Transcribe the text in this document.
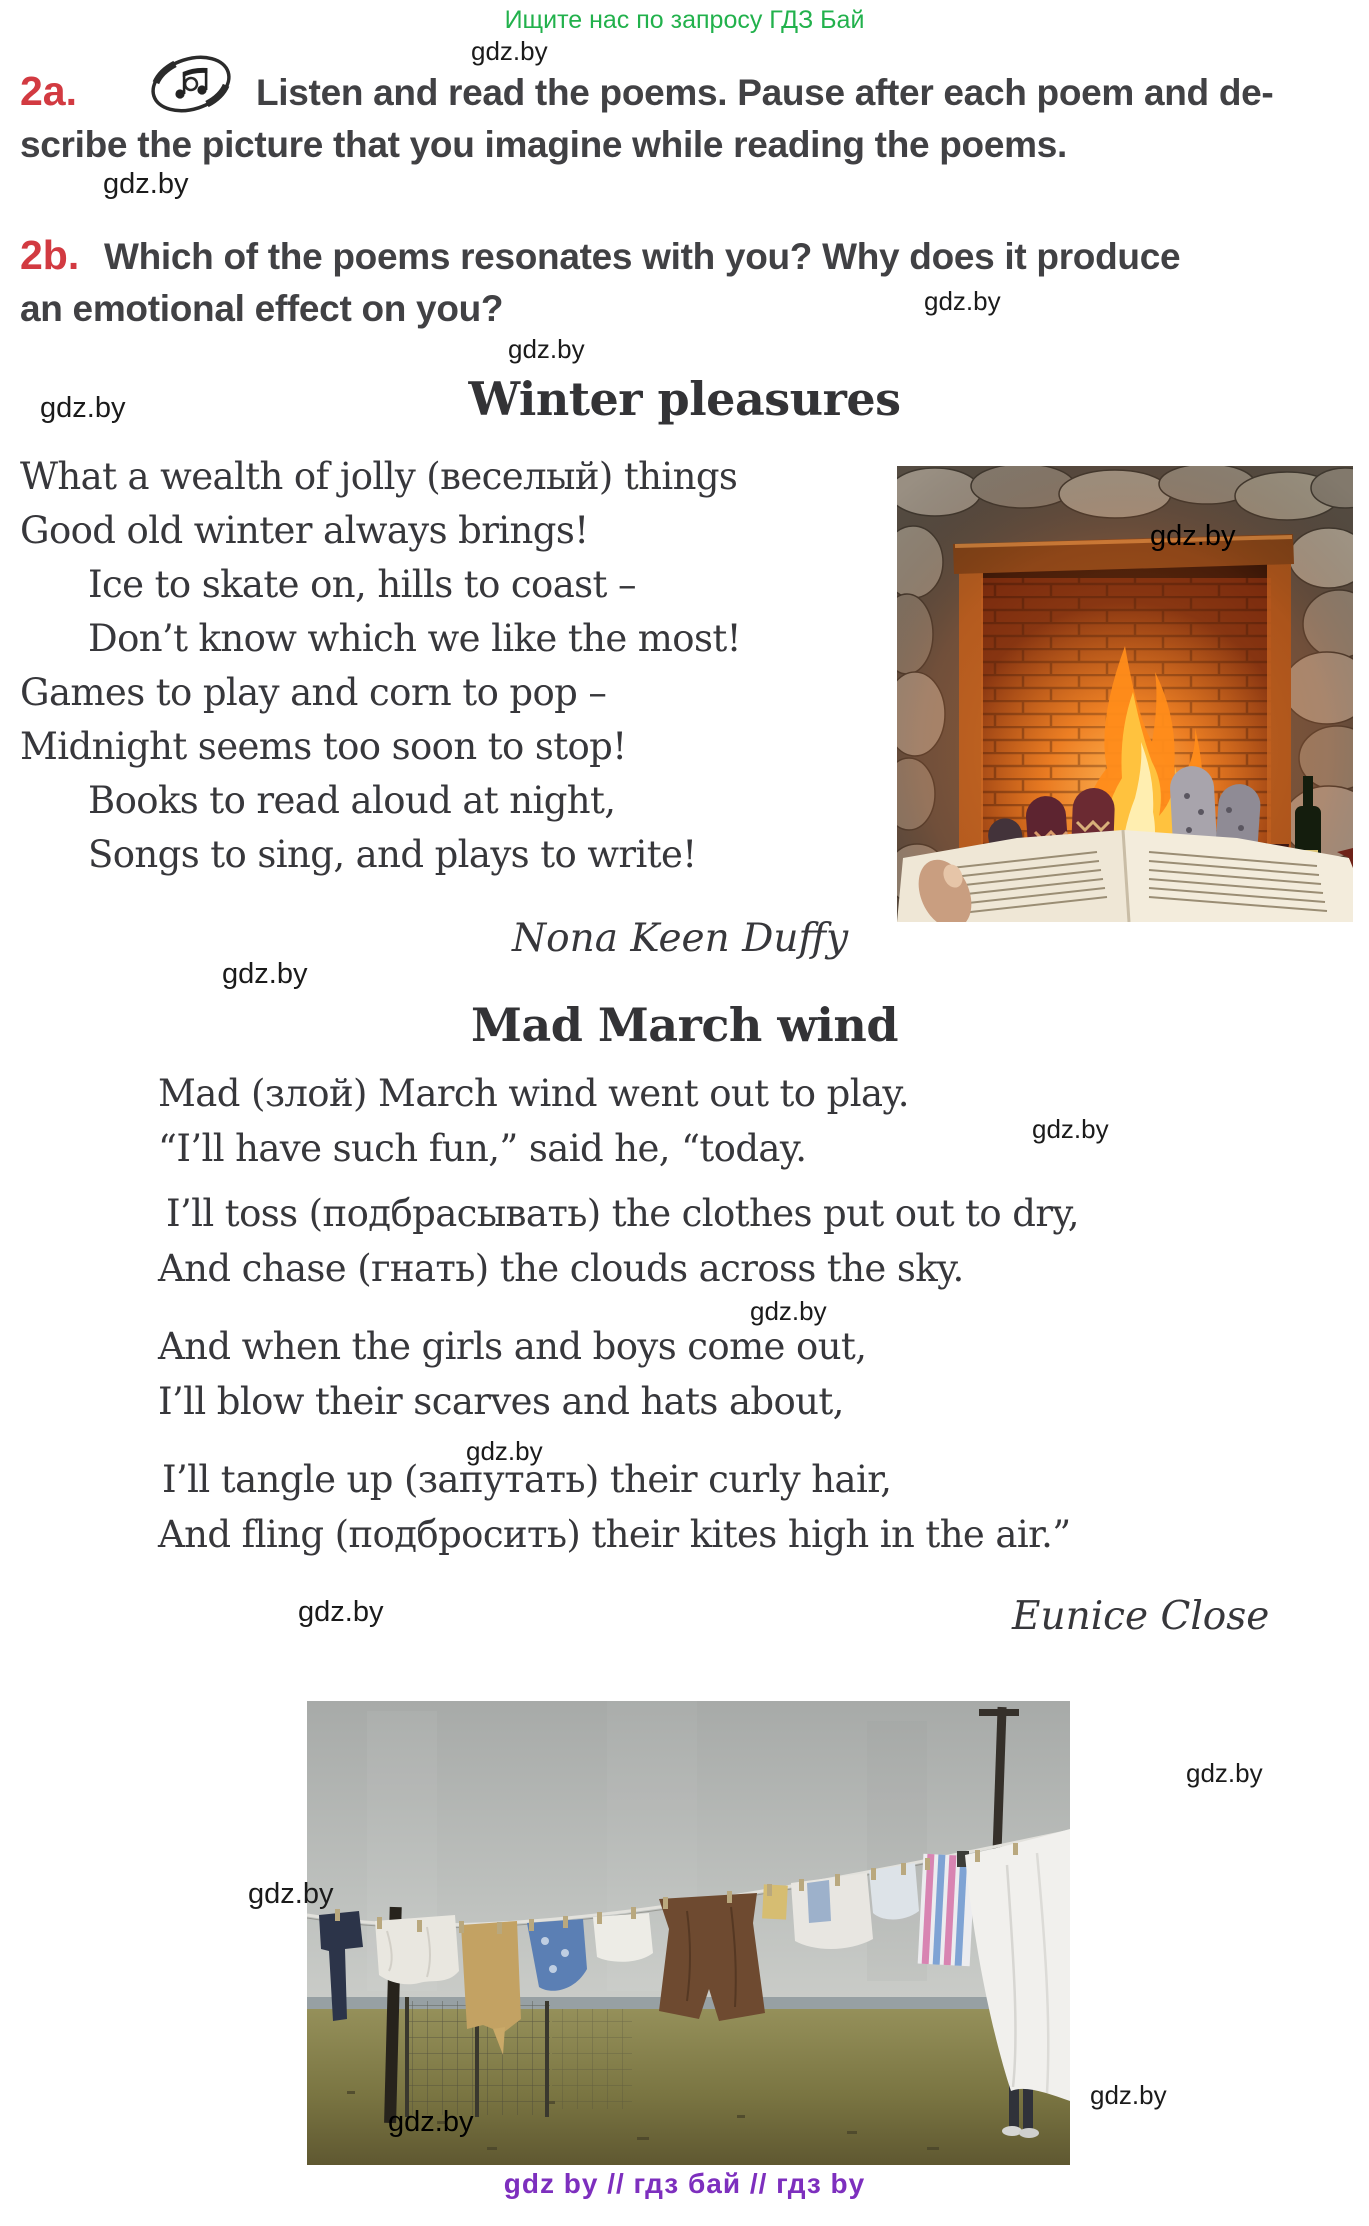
Ищите нас по запросу ГДЗ Бай
gdz.by
gdz.by
gdz.by
gdz.by
gdz.by
gdz.by
gdz.by
gdz.by
gdz.by
gdz.by
gdz.by
gdz.by
gdz.by
gdz.by
gdz.by
2a.	Listen and read the poems. Pause after each poem and de-
scribe the picture that you imagine while reading the poems.
2b. Which of the poems resonates with you? Why does it produce
an emotional effect on you?
Winter pleasures
What a wealth of jolly (веселый) things
Good old winter always brings!
Ice to skate on, hills to coast –
Don’t know which we like the most!
Games to play and corn to pop –
Midnight seems too soon to stop!
Books to read aloud at night,
Songs to sing, and plays to write!
Nona Keen Duffy
Mad March wind
Mad (злой) March wind went out to play.
“I’ll have such fun,” said he, “today.
I’ll toss (подбрасывать) the clothes put out to dry,
And chase (гнать) the clouds across the sky.
And when the girls and boys come out,
I’ll blow their scarves and hats about,
I’ll tangle up (запутать) their curly hair,
And fling (подбросить) their kites high in the air.”
Eunice Close
gdz by // гдз бай // гдз by
